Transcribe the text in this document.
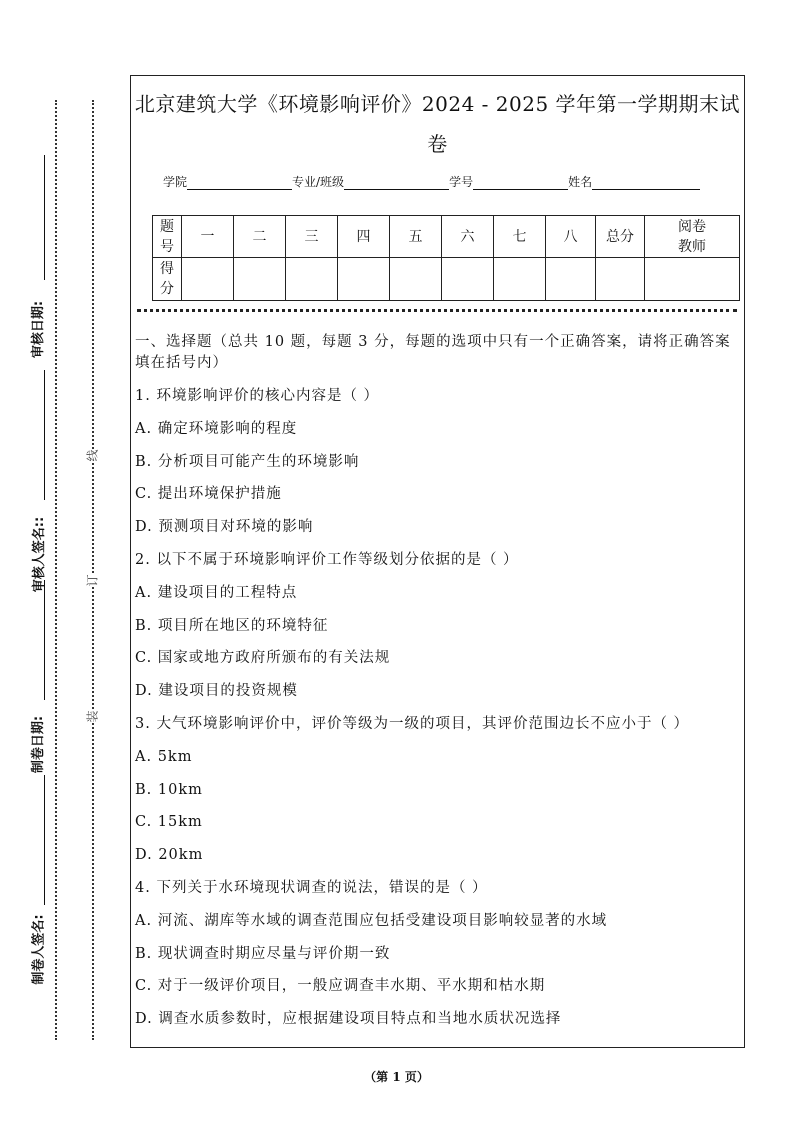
审核日期:
审核人签名::
制卷日期:
制卷人签名:
线
订
装
北京建筑大学《环境影响评价》2024 - 2025 学年第一学期期末试
卷
学院	专业/班级	学号	姓名
题
号	一	二	三	四	五	六	七	八	总分	阅卷
教师
得
分										
一、选择题（总共 10 题，每题 3 分，每题的选项中只有一个正确答案，请将正确答案填在括号内）
1. 环境影响评价的核心内容是（ ）
A. 确定环境影响的程度
B. 分析项目可能产生的环境影响
C. 提出环境保护措施
D. 预测项目对环境的影响
2. 以下不属于环境影响评价工作等级划分依据的是（ ）
A. 建设项目的工程特点
B. 项目所在地区的环境特征
C. 国家或地方政府所颁布的有关法规
D. 建设项目的投资规模
3. 大气环境影响评价中，评价等级为一级的项目，其评价范围边长不应小于（ ）
A. 5km
B. 10km
C. 15km
D. 20km
4. 下列关于水环境现状调查的说法，错误的是（ ）
A. 河流、湖库等水域的调查范围应包括受建设项目影响较显著的水域
B. 现状调查时期应尽量与评价期一致
C. 对于一级评价项目，一般应调查丰水期、平水期和枯水期
D. 调查水质参数时，应根据建设项目特点和当地水质状况选择
（第 1 页）
